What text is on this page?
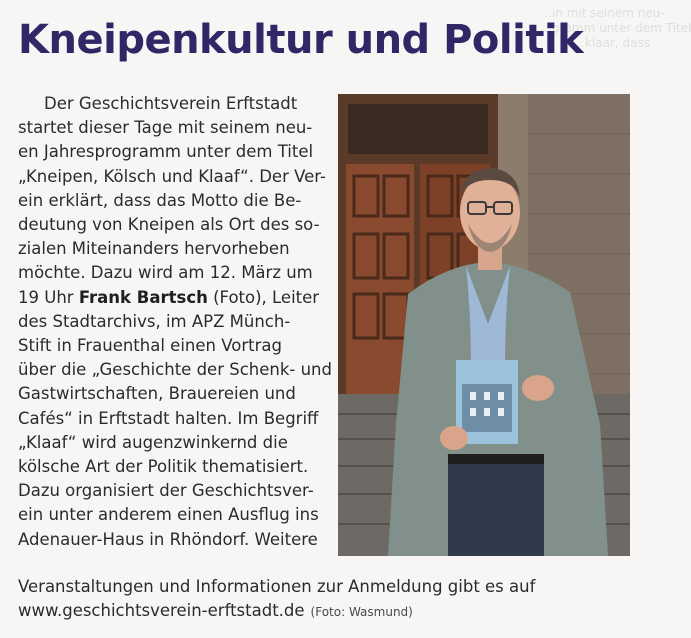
…in mit seinem neu-
…gramm unter dem Titel
…klaar, dass
Kneipenkultur und Politik
Der Geschichtsverein Erftstadt
startet dieser Tage mit seinem neu-
en Jahresprogramm unter dem Titel
„Kneipen, Kölsch und Klaaf“. Der Ver-
ein erklärt, dass das Motto die Be-
deutung von Kneipen als Ort des so-
zialen Miteinanders hervorheben
möchte. Dazu wird am 12. März um
19 Uhr Frank Bartsch (Foto), Leiter
des Stadtarchivs, im APZ Münch-
Stift in Frauenthal einen Vortrag
über die „Geschichte der Schenk- und
Gastwirtschaften, Brauereien und
Cafés“ in Erftstadt halten. Im Begriff
„Klaaf“ wird augenzwinkernd die
kölsche Art der Politik thematisiert.
Dazu organisiert der Geschichtsver-
ein unter anderem einen Ausflug ins
Adenauer-Haus in Rhöndorf. Weitere
Veranstaltungen und Informationen zur Anmeldung gibt es auf
www.geschichtsverein-erftstadt.de (Foto: Wasmund)
